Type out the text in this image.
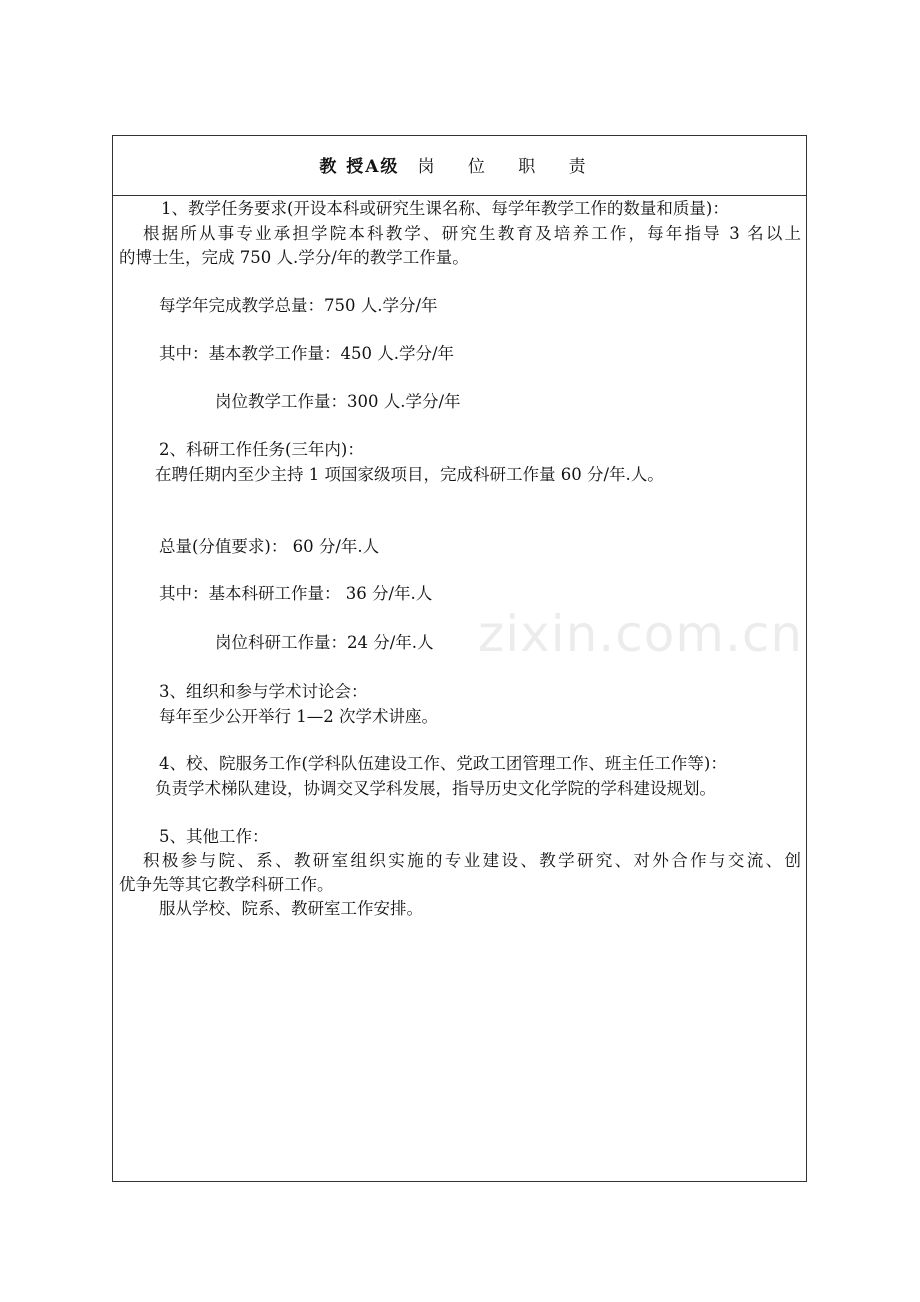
教 授A级 岗 位 职 责
1、教学任务要求(开设本科或研究生课名称、每学年教学工作的数量和质量)：
根据所从事专业承担学院本科教学、研究生教育及培养工作，每年指导 3 名以上
的博士生，完成 750 人.学分/年的教学工作量。
每学年完成教学总量：750 人.学分/年
其中：基本教学工作量：450 人.学分/年
岗位教学工作量：300 人.学分/年
2、科研工作任务(三年内)：
在聘任期内至少主持 1 项国家级项目，完成科研工作量 60 分/年.人。
总量(分值要求)： 60 分/年.人
其中：基本科研工作量： 36 分/年.人
岗位科研工作量：24 分/年.人
3、组织和参与学术讨论会：
每年至少公开举行 1—2 次学术讲座。
4、校、院服务工作(学科队伍建设工作、党政工团管理工作、班主任工作等)：
负责学术梯队建设，协调交叉学科发展，指导历史文化学院的学科建设规划。
5、其他工作：
积极参与院、系、教研室组织实施的专业建设、教学研究、对外合作与交流、创
优争先等其它教学科研工作。
服从学校、院系、教研室工作安排。
zixin.com.cn
